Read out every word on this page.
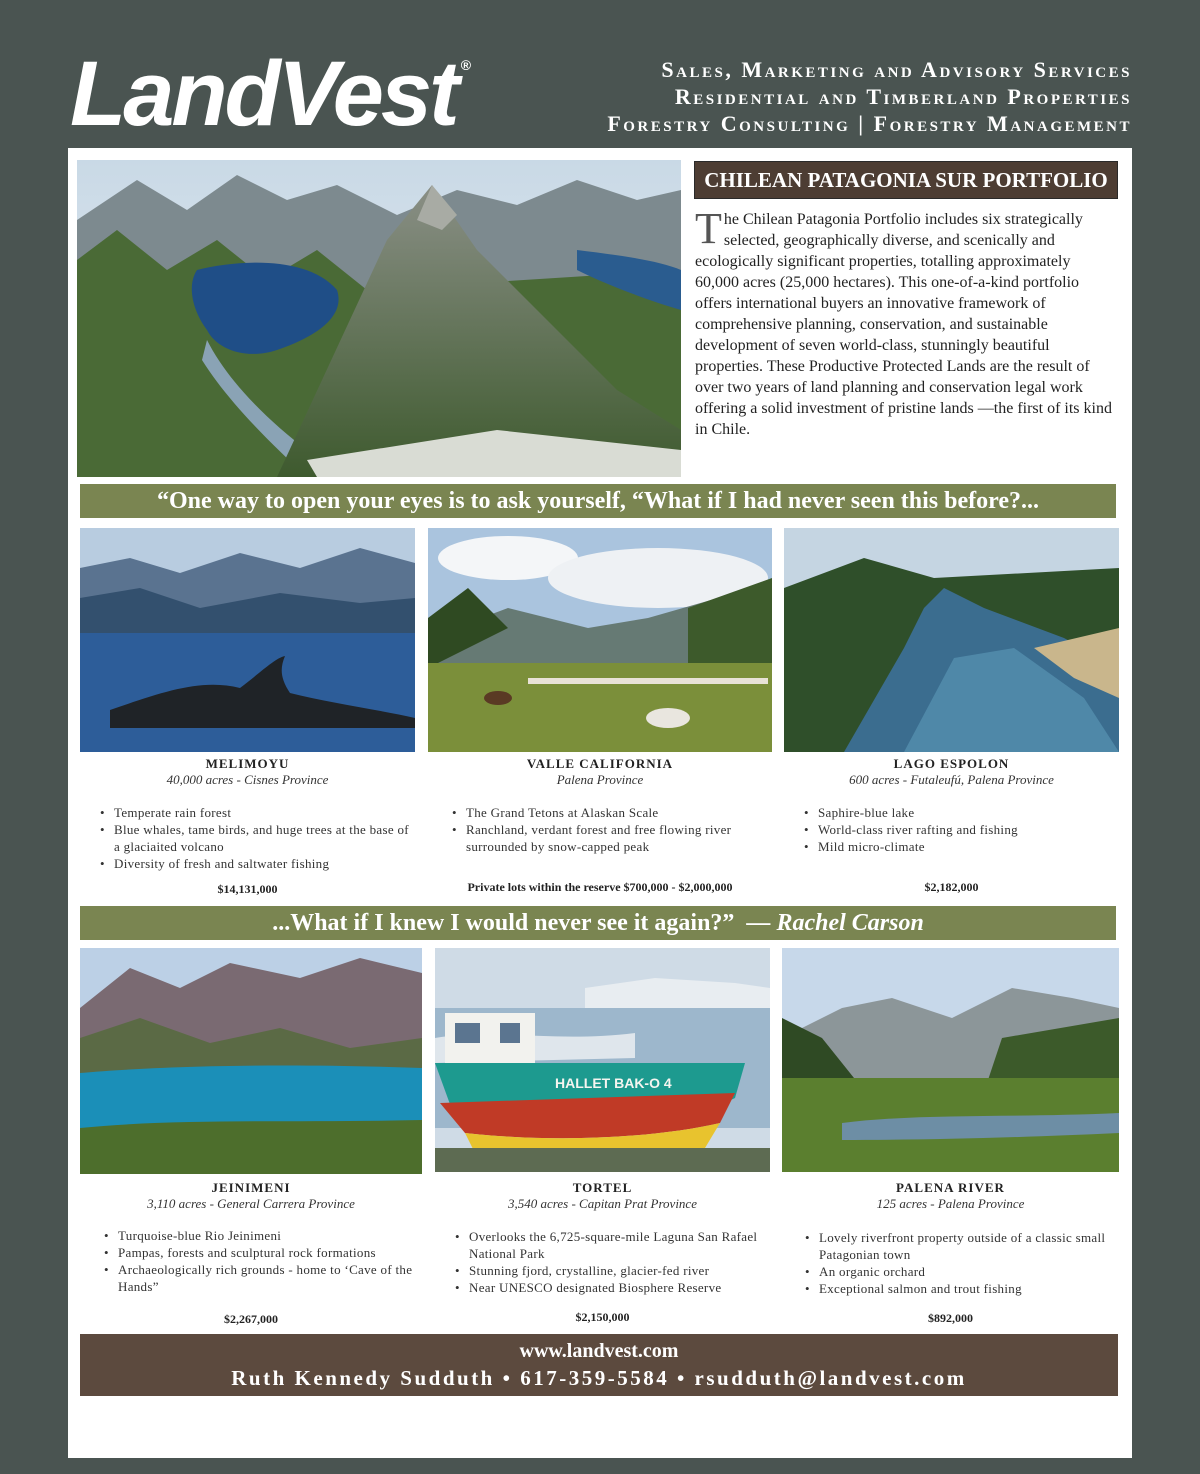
LandVest ®	Sales, Marketing and Advisory Services
Residential and Timberland Properties
Forestry Consulting | Forestry Management
CHILEAN PATAGONIA SUR PORTFOLIO
The Chilean Patagonia Portfolio includes six strategically selected, geographically diverse, and scenically and ecologically significant properties, totalling approximately 60,000 acres (25,000 hectares). This one-of-a-kind portfolio offers international buyers an innovative framework of comprehensive planning, conservation, and sustainable development of seven world-class, stunningly beautiful properties. These Productive Protected Lands are the result of over two years of land planning and conservation legal work offering a solid investment of pristine lands —the first of its kind in Chile.
“One way to open your eyes is to ask yourself, “What if I had never seen this before?...
MELIMOYU
40,000 acres - Cisnes Province
• Temperate rain forest
• Blue whales, tame birds, and huge trees at the base of a glaciaited volcano
• Diversity of fresh and saltwater fishing
$14,131,000
VALLE CALIFORNIA
Palena Province
• The Grand Tetons at Alaskan Scale
• Ranchland, verdant forest and free flowing river surrounded by snow-capped peak
Private lots within the reserve $700,000 - $2,000,000
LAGO ESPOLON
600 acres - Futaleufú, Palena Province
• Saphire-blue lake
• World-class river rafting and fishing
• Mild micro-climate
$2,182,000
...What if I knew I would never see it again?” — Rachel Carson
HALLET BAK-O 4
JEINIMENI
3,110 acres - General Carrera Province
• Turquoise-blue Rio Jeinimeni
• Pampas, forests and sculptural rock formations
• Archaeologically rich grounds - home to ‘Cave of the Hands”
$2,267,000
TORTEL
3,540 acres - Capitan Prat Province
• Overlooks the 6,725-square-mile Laguna San Rafael National Park
• Stunning fjord, crystalline, glacier-fed river
• Near UNESCO designated Biosphere Reserve
$2,150,000
PALENA RIVER
125 acres - Palena Province
• Lovely riverfront property outside of a classic small Patagonian town
• An organic orchard
• Exceptional salmon and trout fishing
$892,000
www.landvest.com
Ruth Kennedy Sudduth • 617-359-5584 • rsudduth@landvest.com
LandVest HQ: Ten Post Office Square, Boston, MA | 16 Center Street Concord, NH | Regional Offices: GA•MA•ME•NH•NY•OR•PA•VT
